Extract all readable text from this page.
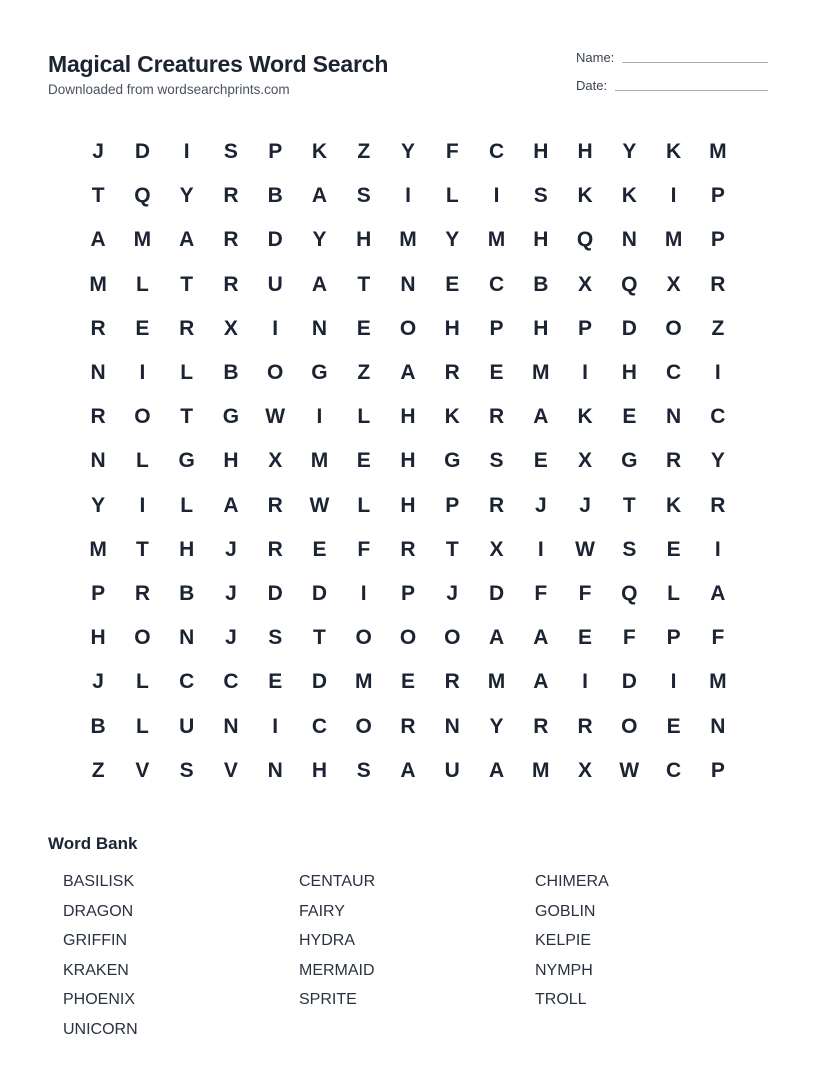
Magical Creatures Word Search
Downloaded from wordsearchprints.com
Name:
Date:
J	D	I	S	P	K	Z	Y	F	C	H	H	Y	K	M
T	Q	Y	R	B	A	S	I	L	I	S	K	K	I	P
A	M	A	R	D	Y	H	M	Y	M	H	Q	N	M	P
M	L	T	R	U	A	T	N	E	C	B	X	Q	X	R
R	E	R	X	I	N	E	O	H	P	H	P	D	O	Z
N	I	L	B	O	G	Z	A	R	E	M	I	H	C	I
R	O	T	G	W	I	L	H	K	R	A	K	E	N	C
N	L	G	H	X	M	E	H	G	S	E	X	G	R	Y
Y	I	L	A	R	W	L	H	P	R	J	J	T	K	R
M	T	H	J	R	E	F	R	T	X	I	W	S	E	I
P	R	B	J	D	D	I	P	J	D	F	F	Q	L	A
H	O	N	J	S	T	O	O	O	A	A	E	F	P	F
J	L	C	C	E	D	M	E	R	M	A	I	D	I	M
B	L	U	N	I	C	O	R	N	Y	R	R	O	E	N
Z	V	S	V	N	H	S	A	U	A	M	X	W	C	P
Word Bank
BASILISK	CENTAUR	CHIMERA
DRAGON	FAIRY	GOBLIN
GRIFFIN	HYDRA	KELPIE
KRAKEN	MERMAID	NYMPH
PHOENIX	SPRITE	TROLL
UNICORN
